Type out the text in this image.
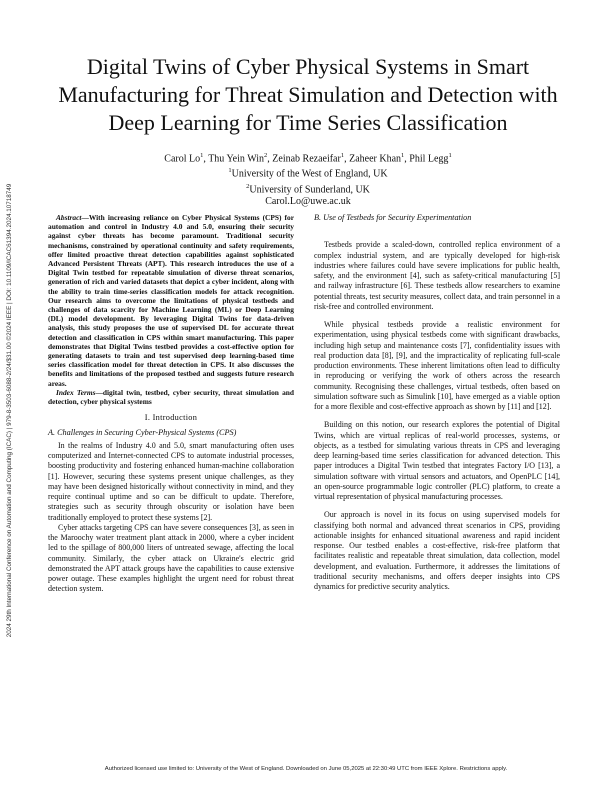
2024 29th International Conference on Automation and Computing (ICAC) | 979-8-3503-6088-2/24/$31.00 ©2024 IEEE | DOI: 10.1109/ICAC61394.2024.10718749
Digital Twins of Cyber Physical Systems in Smart Manufacturing for Threat Simulation and Detection with Deep Learning for Time Series Classification
Carol Lo$^1$, Thu Yein Win$^2$, Zeinab Rezaeifar$^1$, Zaheer Khan$^1$, Phil Legg$^1$
$^1$University of the West of England, UK
$^2$University of Sunderland, UK
Carol.Lo@uwe.ac.uk

Abstract—With increasing reliance on Cyber Physical Systems (CPS) for automation and control in Industry 4.0 and 5.0, ensuring their security against cyber threats has become paramount. Traditional security mechanisms, constrained by operational continuity and safety requirements, offer limited proactive threat detection capabilities against sophisticated Advanced Persistent Threats (APT). This research introduces the use of a Digital Twin testbed for repeatable simulation of diverse threat scenarios, generation of rich and varied datasets that depict a cyber incident, along with the ability to train time-series classification models for attack recognition. Our research aims to overcome the limitations of physical testbeds and challenges of data scarcity for Machine Learning (ML) or Deep Learning (DL) model development. By leveraging Digital Twins for data-driven analysis, this study proposes the use of supervised DL for accurate threat detection and classification in CPS within smart manufacturing. This paper demonstrates that Digital Twins testbed provides a cost-effective option for generating datasets to train and test supervised deep learning-based time series classification model for threat detection in CPS. It also discusses the benefits and limitations of the proposed testbed and suggests future research areas.

Index Terms—digital twin, testbed, cyber security, threat simulation and detection, cyber physical systems

I. Introduction
A. Challenges in Securing Cyber-Physical Systems (CPS)

In the realms of Industry 4.0 and 5.0, smart manufacturing often uses computerized and Internet-connected CPS to automate industrial processes, boosting productivity and fostering enhanced human-machine collaboration [1]. However, securing these systems present unique challenges, as they may have been designed historically without connectivity in mind, and they require continual uptime and so can be difficult to update. Therefore, strategies such as security through obscurity or isolation have been traditionally employed to protect these systems [2].

Cyber attacks targeting CPS can have severe consequences [3], as seen in the Maroochy water treatment plant attack in 2000, where a cyber incident led to the spillage of 800,000 liters of untreated sewage, affecting the local community. Similarly, the cyber attack on Ukraine's electric grid demonstrated the APT attack groups have the capabilities to cause extensive power outage. These examples highlight the urgent need for robust threat detection system.

B. Use of Testbeds for Security Experimentation

Testbeds provide a scaled-down, controlled replica environment of a complex industrial system, and are typically developed for high-risk industries where failures could have severe implications for public health, safety, and the environment [4], such as safety-critical manufacturing [5] and railway infrastructure [6]. These testbeds allow researchers to examine potential threats, test security measures, collect data, and train personnel in a risk-free and controlled environment.

While physical testbeds provide a realistic environment for experimentation, using physical testbeds come with significant drawbacks, including high setup and maintenance costs [7], confidentiality issues with real production data [8], [9], and the impracticality of replicating full-scale production environments. These inherent limitations often lead to difficulty in reproducing or verifying the work of others across the research community. Recognising these challenges, virtual testbeds, often based on simulation software such as Simulink [10], have emerged as a viable option for a more flexible and cost-effective approach as shown by [11] and [12].

Building on this notion, our research explores the potential of Digital Twins, which are virtual replicas of real-world processes, systems, or objects, as a testbed for simulating various threats in CPS and leveraging deep learning-based time series classification for advanced detection. This paper introduces a Digital Twin testbed that integrates Factory I/O [13], a simulation software with virtual sensors and actuators, and OpenPLC [14], an open-source programmable logic controller (PLC) platform, to create a virtual representation of physical manufacturing processes.

Our approach is novel in its focus on using supervised models for classifying both normal and advanced threat scenarios in CPS, providing actionable insights for enhanced situational awareness and rapid incident response. Our testbed enables a cost-effective, risk-free platform that facilitates realistic and repeatable threat simulation, data collection, model development, and evaluation. Furthermore, it addresses the limitations of traditional security mechanisms, and offers deeper insights into CPS dynamics for predictive security analytics.

Authorized licensed use limited to: University of the West of England. Downloaded on June 05,2025 at 22:30:49 UTC from IEEE Xplore. Restrictions apply.
